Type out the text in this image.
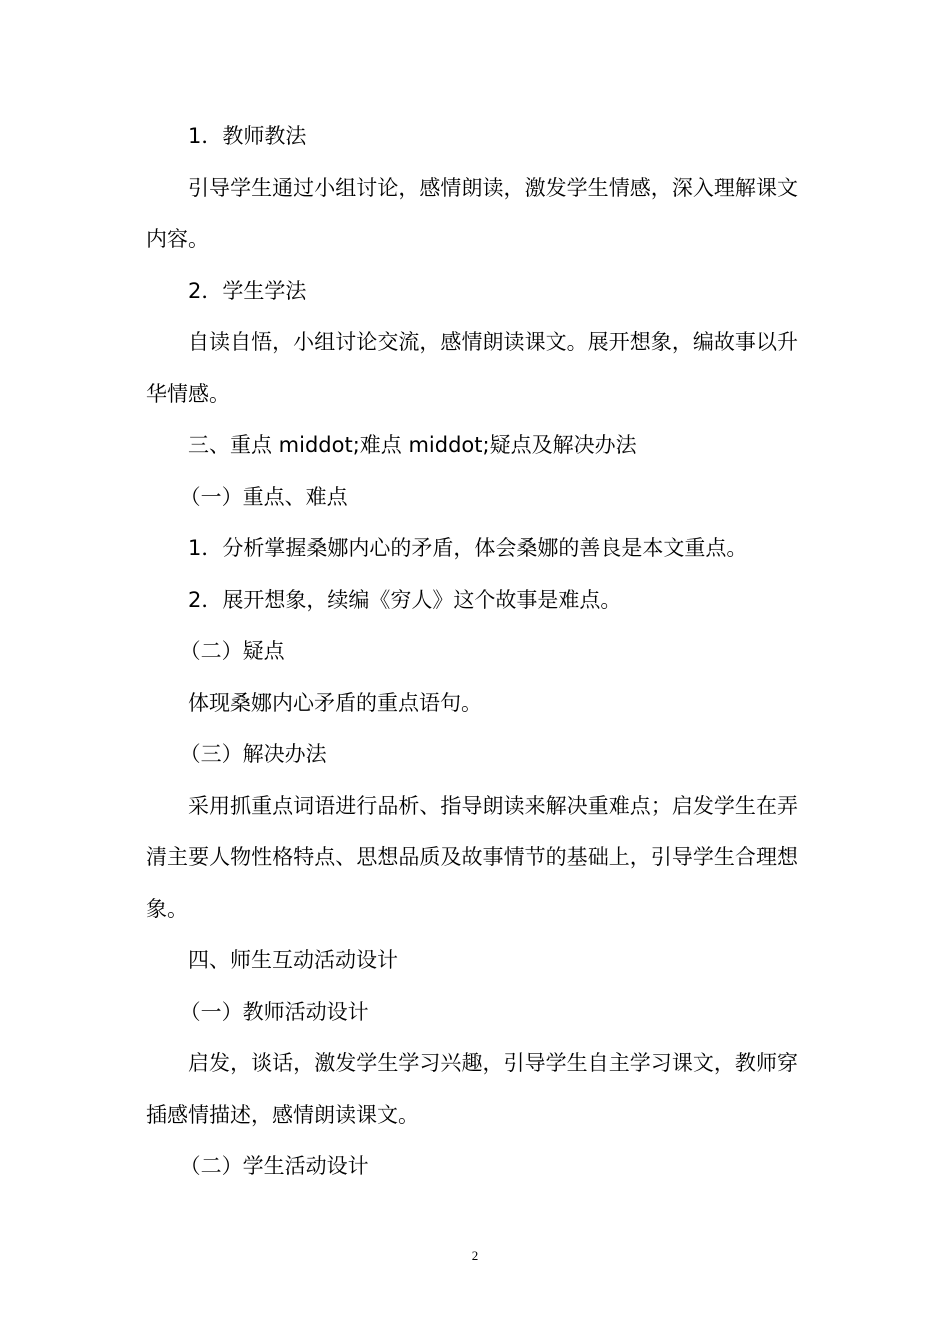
1．教师教法

引导学生通过小组讨论，感情朗读，激发学生情感，深入理解课文内容。

2．学生学法

自读自悟，小组讨论交流，感情朗读课文。展开想象，编故事以升华情感。

三、重点 middot;难点 middot;疑点及解决办法

（一）重点、难点

1．分析掌握桑娜内心的矛盾，体会桑娜的善良是本文重点。

2．展开想象，续编《穷人》这个故事是难点。

（二）疑点

体现桑娜内心矛盾的重点语句。

（三）解决办法

采用抓重点词语进行品析、指导朗读来解决重难点；启发学生在弄清主要人物性格特点、思想品质及故事情节的基础上，引导学生合理想象。

四、师生互动活动设计

（一）教师活动设计

启发，谈话，激发学生学习兴趣，引导学生自主学习课文，教师穿插感情描述，感情朗读课文。

（二）学生活动设计

2
